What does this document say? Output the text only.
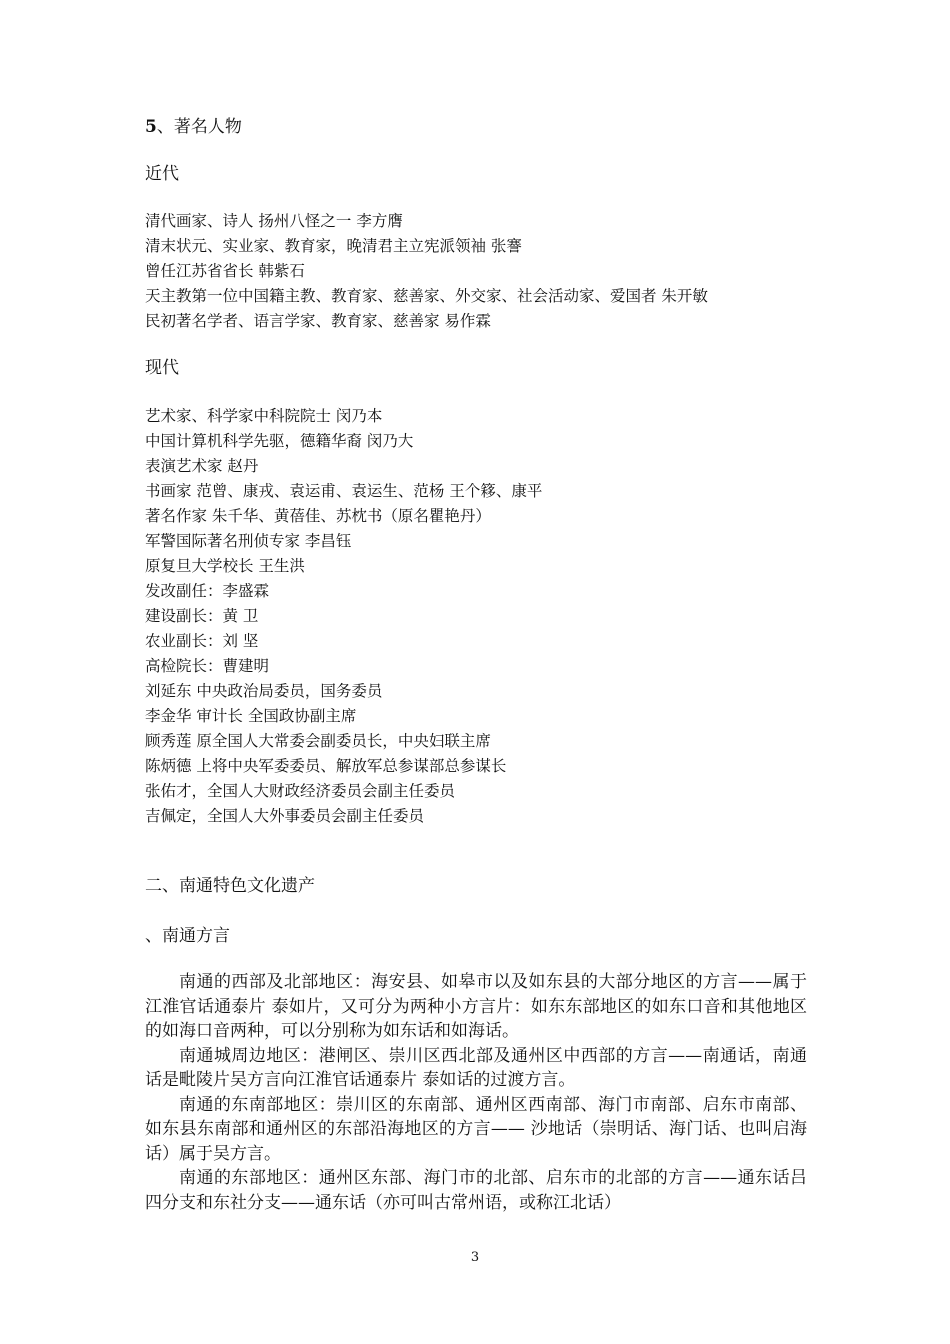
5、著名人物
近代
清代画家、诗人 扬州八怪之一 李方膺
清末状元、实业家、教育家，晚清君主立宪派领袖 张謇
曾任江苏省省长 韩紫石
天主教第一位中国籍主教、教育家、慈善家、外交家、社会活动家、爱国者 朱开敏
民初著名学者、语言学家、教育家、慈善家 易作霖
现代
艺术家、科学家中科院院士 闵乃本
中国计算机科学先驱，德籍华裔 闵乃大
表演艺术家 赵丹
书画家 范曾、康戎、袁运甫、袁运生、范杨 王个簃、康平
著名作家 朱千华、黄蓓佳、苏枕书（原名瞿艳丹）
军警国际著名刑侦专家 李昌钰
原复旦大学校长 王生洪
发改副任：李盛霖
建设副长：黄 卫
农业副长：刘 坚
高检院长：曹建明
刘延东 中央政治局委员，国务委员
李金华 审计长 全国政协副主席
顾秀莲 原全国人大常委会副委员长，中央妇联主席
陈炳德 上将中央军委委员、解放军总参谋部总参谋长
张佑才，全国人大财政经济委员会副主任委员
吉佩定，全国人大外事委员会副主任委员
二、南通特色文化遗产
、南通方言

南通的西部及北部地区：海安县、如皋市以及如东县的大部分地区的方言——属于江淮官话通泰片 泰如片，又可分为两种小方言片：如东东部地区的如东口音和其他地区的如海口音两种，可以分别称为如东话和如海话。

南通城周边地区：港闸区、崇川区西北部及通州区中西部的方言——南通话，南通话是毗陵片吴方言向江淮官话通泰片 泰如话的过渡方言。

南通的东南部地区：崇川区的东南部、通州区西南部、海门市南部、启东市南部、如东县东南部和通州区的东部沿海地区的方言—— 沙地话（崇明话、海门话、也叫启海话）属于吴方言。

南通的东部地区：通州区东部、海门市的北部、启东市的北部的方言——通东话吕四分支和东社分支——通东话（亦可叫古常州语，或称江北话）

3
